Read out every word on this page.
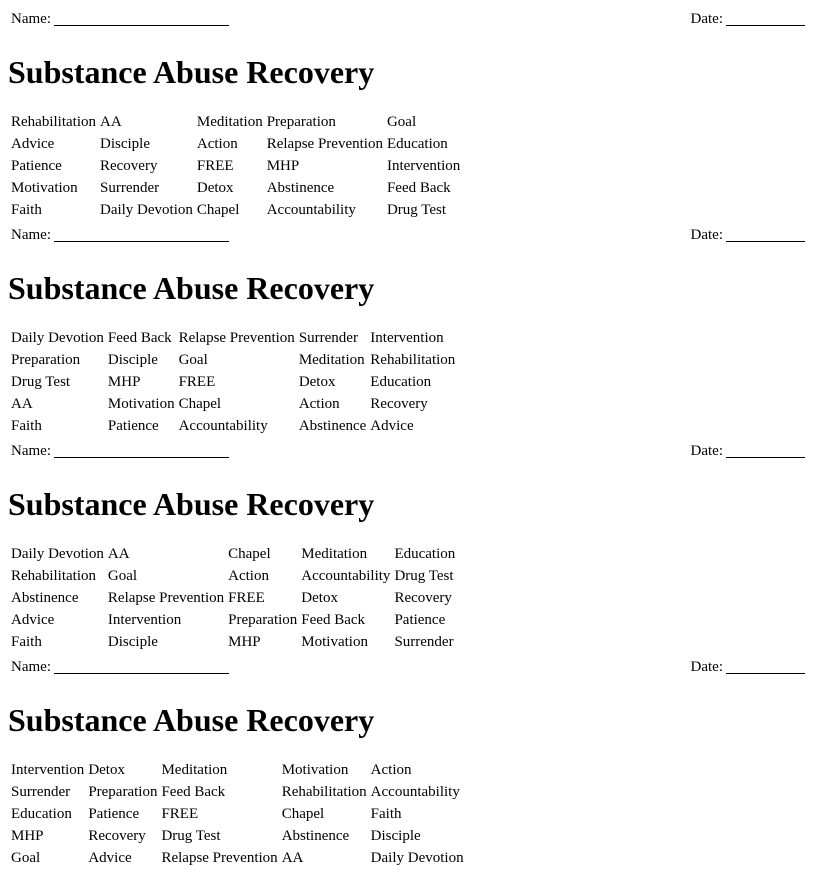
Name:	Date:
Substance Abuse Recovery
Rehabilitation	AA	Meditation	Preparation	Goal
Advice	Disciple	Action	Relapse Prevention	Education
Patience	Recovery	FREE	MHP	Intervention
Motivation	Surrender	Detox	Abstinence	Feed Back
Faith	Daily Devotion	Chapel	Accountability	Drug Test
Name:	Date:
Substance Abuse Recovery
Daily Devotion	Feed Back	Relapse Prevention	Surrender	Intervention
Preparation	Disciple	Goal	Meditation	Rehabilitation
Drug Test	MHP	FREE	Detox	Education
AA	Motivation	Chapel	Action	Recovery
Faith	Patience	Accountability	Abstinence	Advice
Name:	Date:
Substance Abuse Recovery
Daily Devotion	AA	Chapel	Meditation	Education
Rehabilitation	Goal	Action	Accountability	Drug Test
Abstinence	Relapse Prevention	FREE	Detox	Recovery
Advice	Intervention	Preparation	Feed Back	Patience
Faith	Disciple	MHP	Motivation	Surrender
Name:	Date:
Substance Abuse Recovery
Intervention	Detox	Meditation	Motivation	Action
Surrender	Preparation	Feed Back	Rehabilitation	Accountability
Education	Patience	FREE	Chapel	Faith
MHP	Recovery	Drug Test	Abstinence	Disciple
Goal	Advice	Relapse Prevention	AA	Daily Devotion
